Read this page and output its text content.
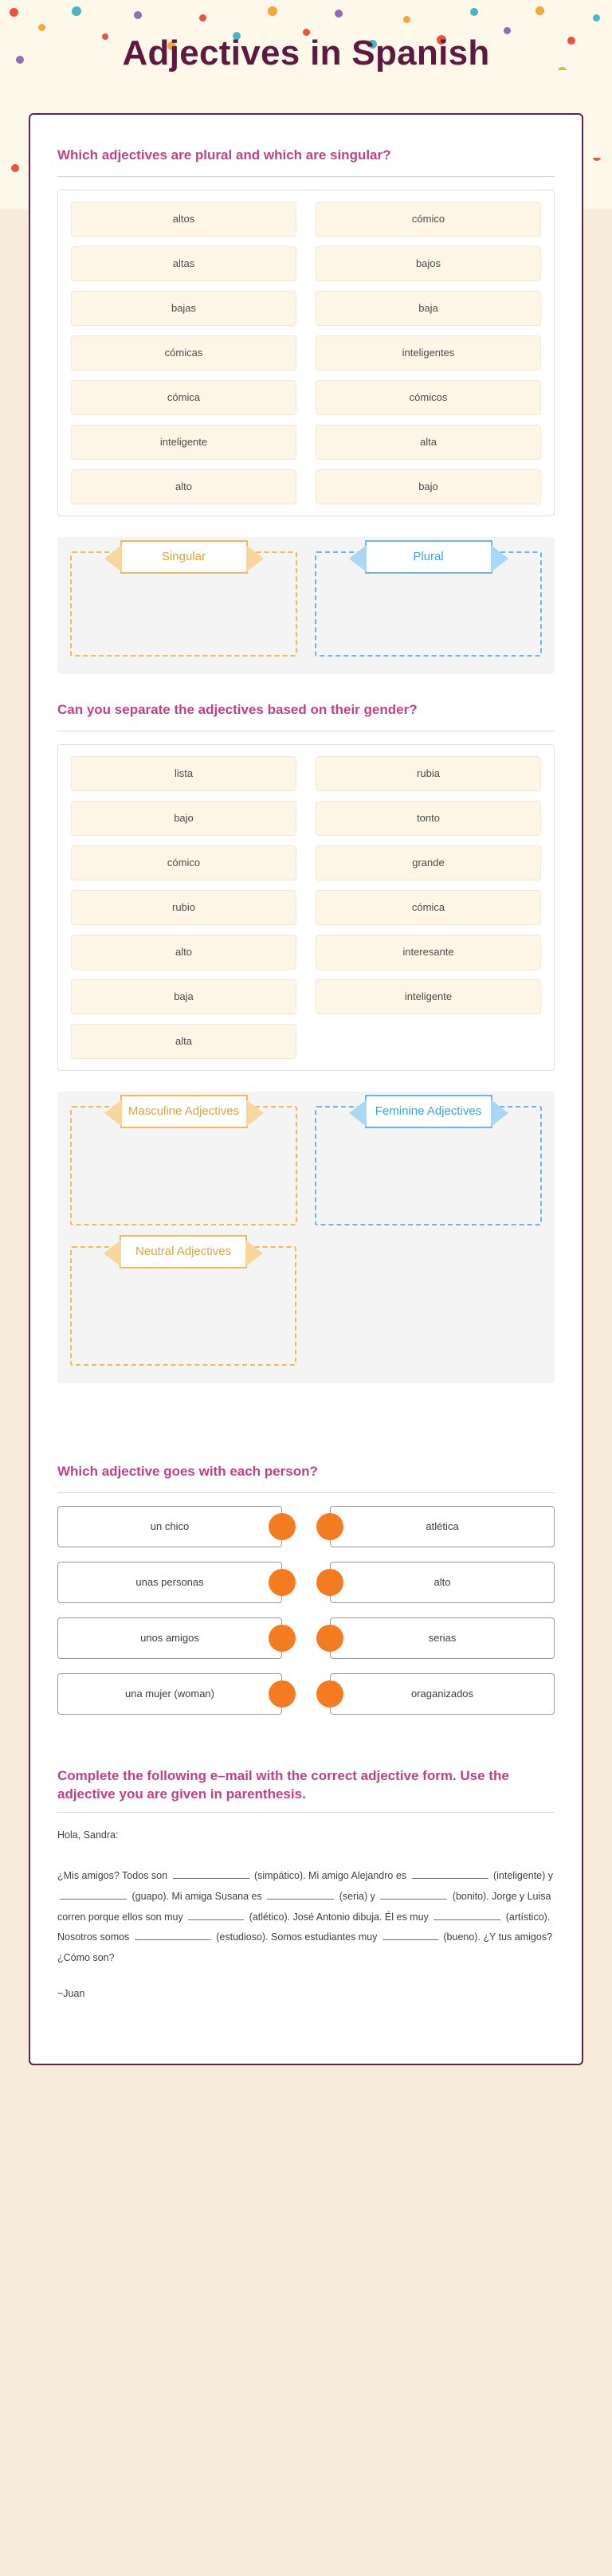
Adjectives in Spanish
Which adjectives are plural and which are singular?
altos	cómico
altas	bajos
bajas	baja
cómicas	inteligentes
cómica	cómicos
inteligente	alta
alto	bajo
Singular	Plural
Can you separate the adjectives based on their gender?
lista	rubia
bajo	tonto
cómico	grande
rubio	cómica
alto	interesante
baja	inteligente
alta
Masculine Adjectives	Feminine Adjectives
Neutral Adjectives
Which adjective goes with each person?
un chico	atlética
unas personas	alto
unos amigos	serias
una mujer (woman)	oraganizados
Complete the following e–mail with the correct adjective form. Use the adjective you are given in parenthesis.

Hola, Sandra:

¿Mis amigos? Todos son	(simpático). Mi amigo Alejandro es	(inteligente) y  (guapo). Mi amiga Susana es	(seria) y	(bonito). Jorge y Luisa corren porque ellos son muy	(atlético). José Antonio dibuja. Él es muy	(artístico). Nosotros somos	(estudioso). Somos estudiantes muy	(bueno). ¿Y tus amigos?¿Cómo son?

~Juan
